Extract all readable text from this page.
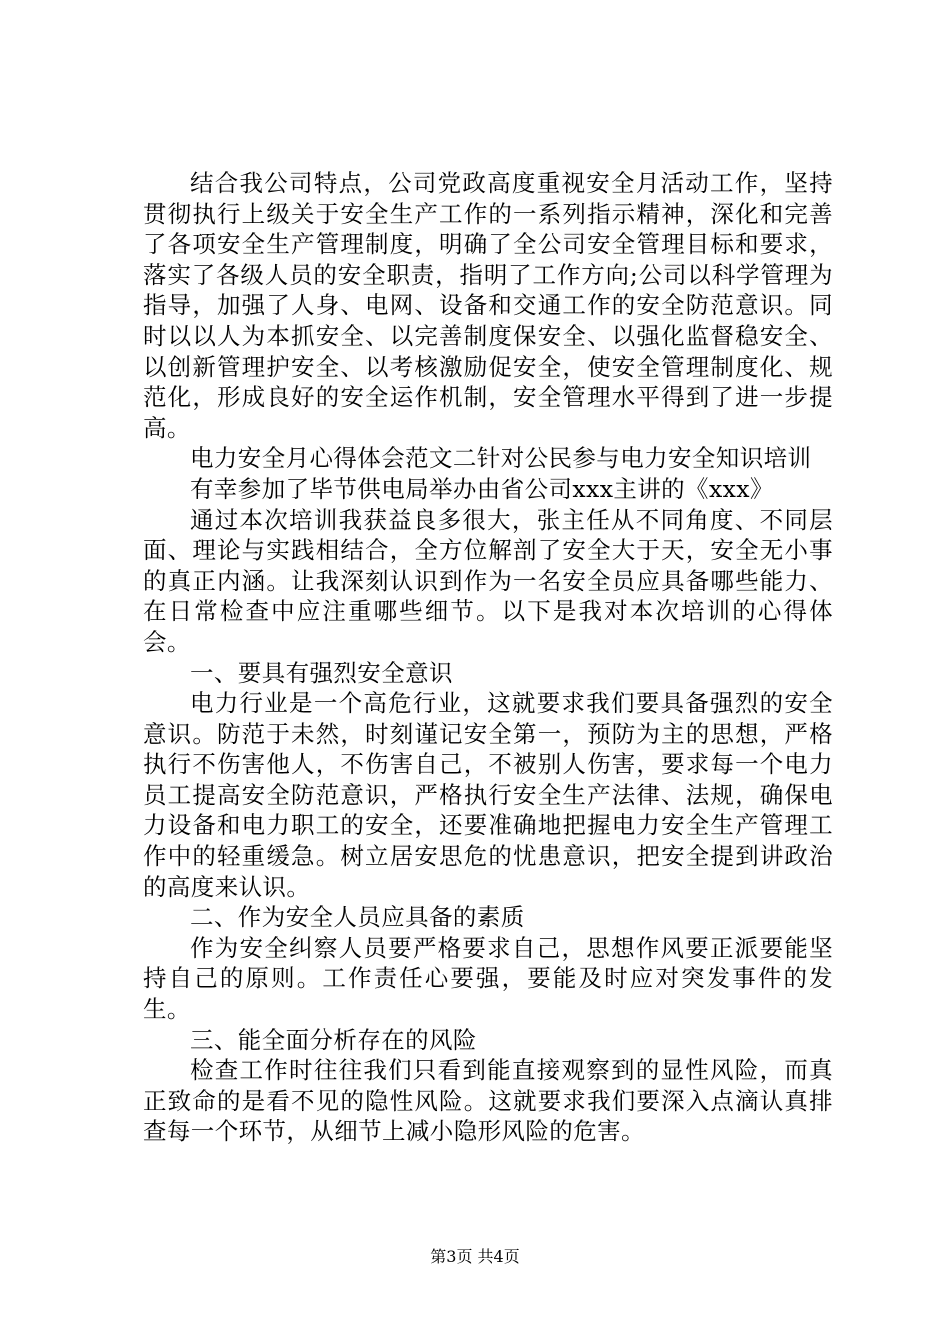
结合我公司特点，公司党政高度重视安全月活动工作，坚持贯彻执行上级关于安全生产工作的一系列指示精神，深化和完善了各项安全生产管理制度，明确了全公司安全管理目标和要求，落实了各级人员的安全职责，指明了工作方向;公司以科学管理为指导，加强了人身、电网、设备和交通工作的安全防范意识。同时以以人为本抓安全、以完善制度保安全、以强化监督稳安全、以创新管理护安全、以考核激励促安全，使安全管理制度化、规范化，形成良好的安全运作机制，安全管理水平得到了进一步提高。

电力安全月心得体会范文二针对公民参与电力安全知识培训

有幸参加了毕节供电局举办由省公司xxx主讲的《xxx》

通过本次培训我获益良多很大，张主任从不同角度、不同层面、理论与实践相结合，全方位解剖了安全大于天，安全无小事的真正内涵。让我深刻认识到作为一名安全员应具备哪些能力、在日常检查中应注重哪些细节。以下是我对本次培训的心得体会。

一、要具有强烈安全意识

电力行业是一个高危行业，这就要求我们要具备强烈的安全意识。防范于未然，时刻谨记安全第一，预防为主的思想，严格执行不伤害他人，不伤害自己，不被别人伤害，要求每一个电力员工提高安全防范意识，严格执行安全生产法律、法规，确保电力设备和电力职工的安全，还要准确地把握电力安全生产管理工作中的轻重缓急。树立居安思危的忧患意识，把安全提到讲政治的高度来认识。

二、作为安全人员应具备的素质

作为安全纠察人员要严格要求自己，思想作风要正派要能坚持自己的原则。工作责任心要强，要能及时应对突发事件的发生。

三、能全面分析存在的风险

检查工作时往往我们只看到能直接观察到的显性风险，而真正致命的是看不见的隐性风险。这就要求我们要深入点滴认真排查每一个环节，从细节上减小隐形风险的危害。

第3页 共4页
